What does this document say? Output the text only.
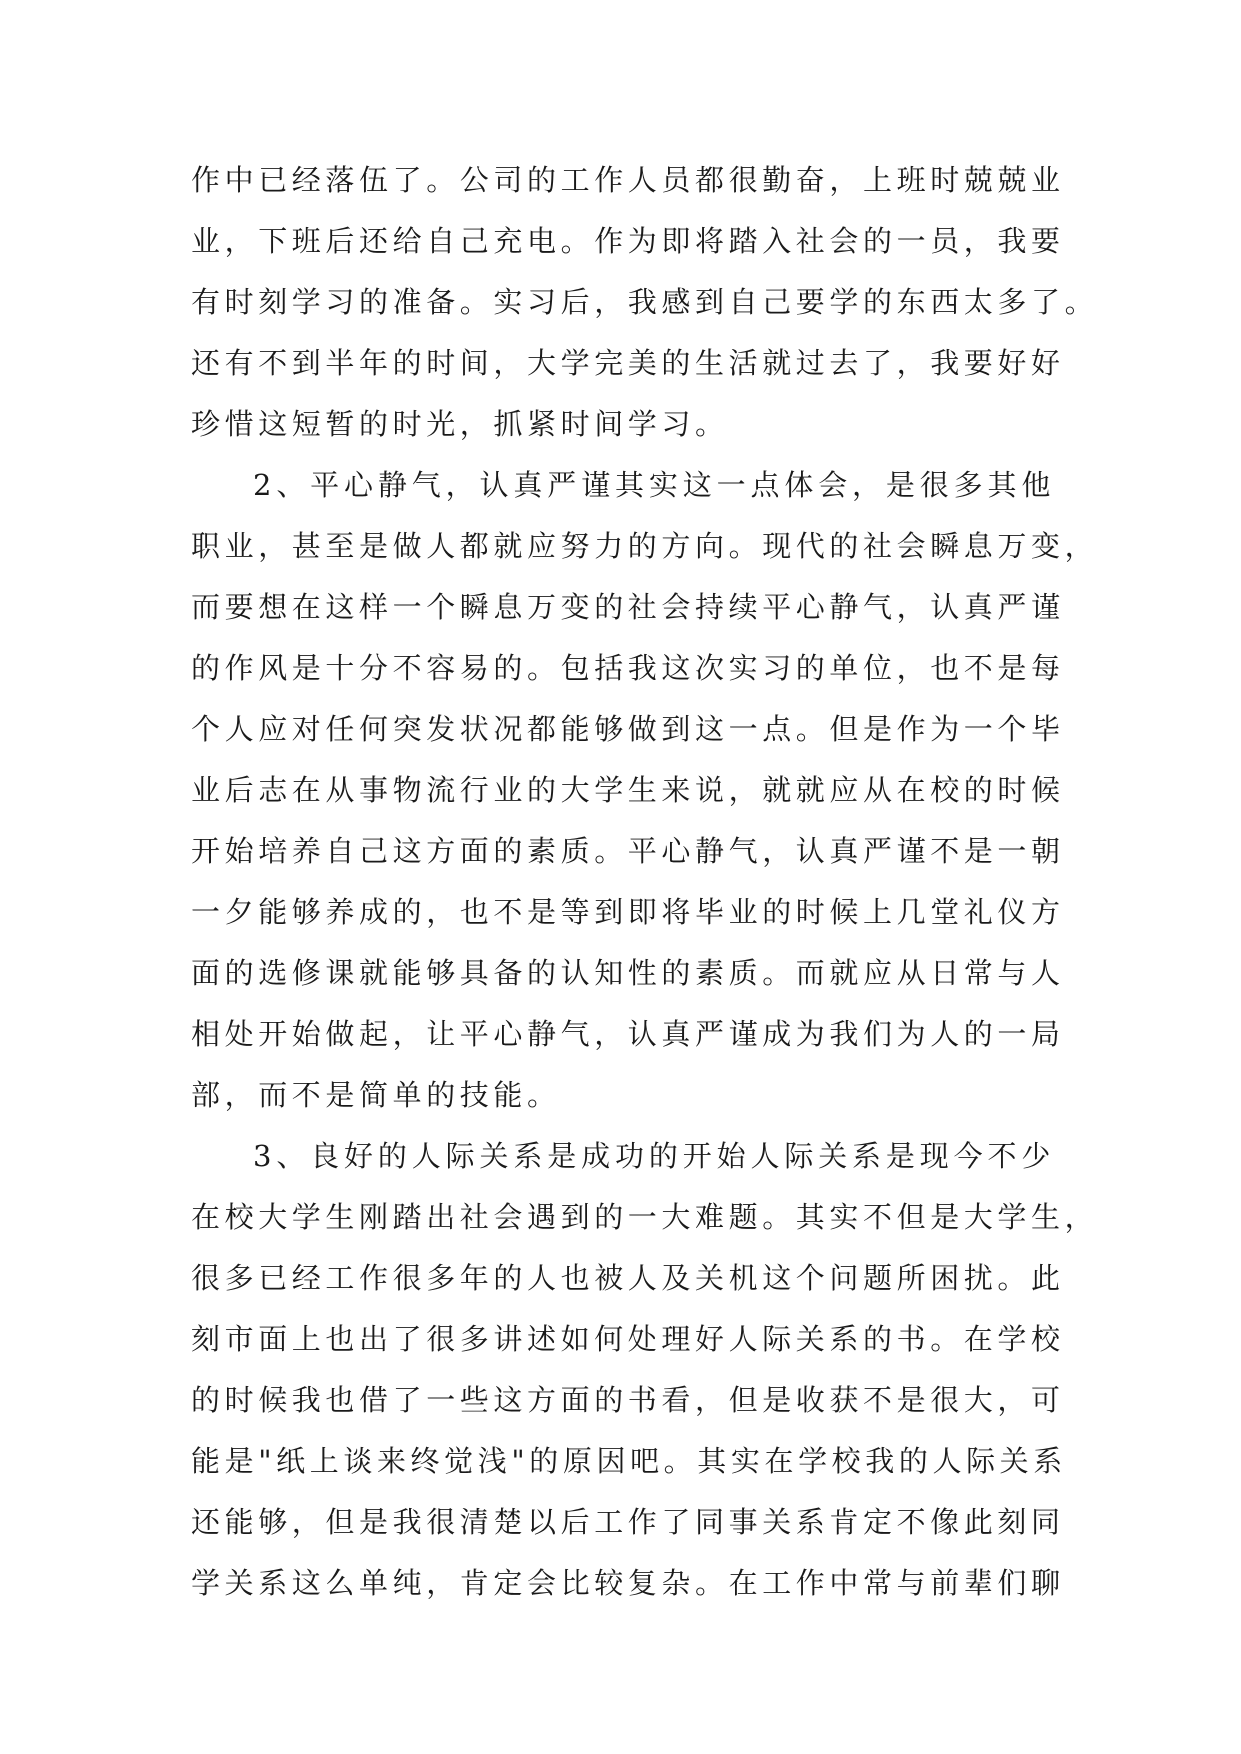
作中已经落伍了。公司的工作人员都很勤奋，上班时兢兢业
业，下班后还给自己充电。作为即将踏入社会的一员，我要
有时刻学习的准备。实习后，我感到自己要学的东西太多了。
还有不到半年的时间，大学完美的生活就过去了，我要好好
珍惜这短暂的时光，抓紧时间学习。
2、平心静气，认真严谨其实这一点体会，是很多其他
职业，甚至是做人都就应努力的方向。现代的社会瞬息万变，
而要想在这样一个瞬息万变的社会持续平心静气，认真严谨
的作风是十分不容易的。包括我这次实习的单位，也不是每
个人应对任何突发状况都能够做到这一点。但是作为一个毕
业后志在从事物流行业的大学生来说，就就应从在校的时候
开始培养自己这方面的素质。平心静气，认真严谨不是一朝
一夕能够养成的，也不是等到即将毕业的时候上几堂礼仪方
面的选修课就能够具备的认知性的素质。而就应从日常与人
相处开始做起，让平心静气，认真严谨成为我们为人的一局
部，而不是简单的技能。
3、良好的人际关系是成功的开始人际关系是现今不少
在校大学生刚踏出社会遇到的一大难题。其实不但是大学生，
很多已经工作很多年的人也被人及关机这个问题所困扰。此
刻市面上也出了很多讲述如何处理好人际关系的书。在学校
的时候我也借了一些这方面的书看，但是收获不是很大，可
能是"纸上谈来终觉浅"的原因吧。其实在学校我的人际关系
还能够，但是我很清楚以后工作了同事关系肯定不像此刻同
学关系这么单纯，肯定会比较复杂。在工作中常与前辈们聊
